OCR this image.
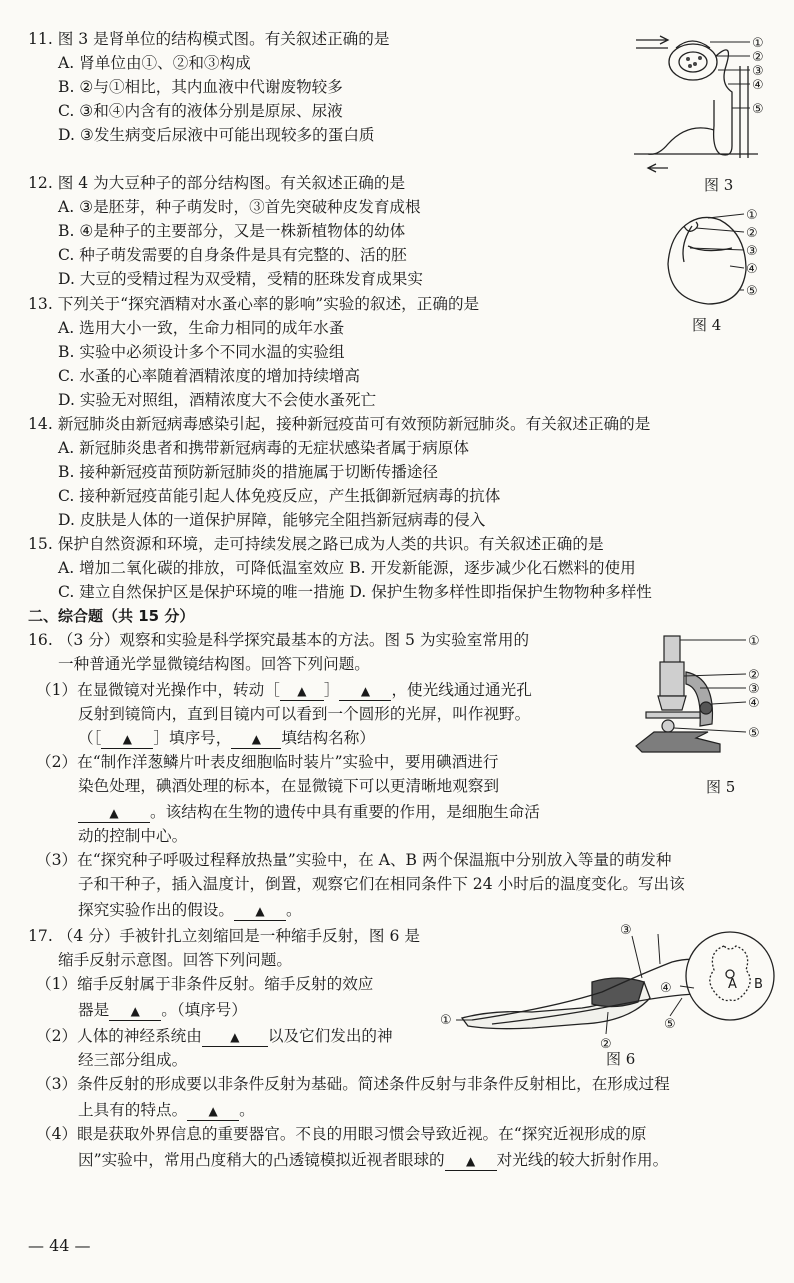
11. 图 3 是肾单位的结构模式图。有关叙述正确的是
A. 肾单位由①、②和③构成
B. ②与①相比，其内血液中代谢废物较多
C. ③和④内含有的液体分别是原尿、尿液
D. ③发生病变后尿液中可能出现较多的蛋白质
①
②
③
④
⑤
图 3
12. 图 4 为大豆种子的部分结构图。有关叙述正确的是
A. ③是胚芽，种子萌发时，③首先突破种皮发育成根
B. ④是种子的主要部分，又是一株新植物体的幼体
C. 种子萌发需要的自身条件是具有完整的、活的胚
D. 大豆的受精过程为双受精，受精的胚珠发育成果实
①
②
③
④
⑤
图 4
13. 下列关于“探究酒精对水蚤心率的影响”实验的叙述，正确的是
A. 选用大小一致，生命力相同的成年水蚤
B. 实验中必须设计多个不同水温的实验组
C. 水蚤的心率随着酒精浓度的增加持续增高
D. 实验无对照组，酒精浓度大不会使水蚤死亡
14. 新冠肺炎由新冠病毒感染引起，接种新冠疫苗可有效预防新冠肺炎。有关叙述正确的是
A. 新冠肺炎患者和携带新冠病毒的无症状感染者属于病原体
B. 接种新冠疫苗预防新冠肺炎的措施属于切断传播途径
C. 接种新冠疫苗能引起人体免疫反应，产生抵御新冠病毒的抗体
D. 皮肤是人体的一道保护屏障，能够完全阻挡新冠病毒的侵入
15. 保护自然资源和环境，走可持续发展之路已成为人类的共识。有关叙述正确的是
A. 增加二氧化碳的排放，可降低温室效应 B. 开发新能源，逐步减少化石燃料的使用
C. 建立自然保护区是保护环境的唯一措施 D. 保护生物多样性即指保护生物物种多样性
二、综合题（共 15 分）
16. （3 分）观察和实验是科学探究最基本的方法。图 5 为实验室常用的
一种普通光学显微镜结构图。回答下列问题。
（1）在显微镜对光操作中，转动［ ▲ ］ ▲ ，使光线通过通光孔
反射到镜筒内，直到目镜内可以看到一个圆形的光屏，叫作视野。
（［ ▲ ］填序号， ▲ 填结构名称）
（2）在“制作洋葱鳞片叶表皮细胞临时装片”实验中，要用碘酒进行
染色处理，碘酒处理的标本，在显微镜下可以更清晰地观察到
▲ 。该结构在生物的遗传中具有重要的作用，是细胞生命活
动的控制中心。
（3）在“探究种子呼吸过程释放热量”实验中，在 A、B 两个保温瓶中分别放入等量的萌发种
子和干种子，插入温度计，倒置，观察它们在相同条件下 24 小时后的温度变化。写出该
探究实验作出的假设。 ▲ 。
①
②
③
④
⑤
图 5
17. （4 分）手被针扎立刻缩回是一种缩手反射，图 6 是
缩手反射示意图。回答下列问题。
（1）缩手反射属于非条件反射。缩手反射的效应
器是 ▲ 。（填序号）
（2）人体的神经系统由 ▲ 以及它们发出的神
经三部分组成。
（3）条件反射的形成要以非条件反射为基础。简述条件反射与非条件反射相比，在形成过程
上具有的特点。 ▲ 。
（4）眼是获取外界信息的重要器官。不良的用眼习惯会导致近视。在“探究近视形成的原
因”实验中，常用凸度稍大的凸透镜模拟近视者眼球的 ▲ 对光线的较大折射作用。
①
②
③
④
⑤
A B
图 6
— 44 —
